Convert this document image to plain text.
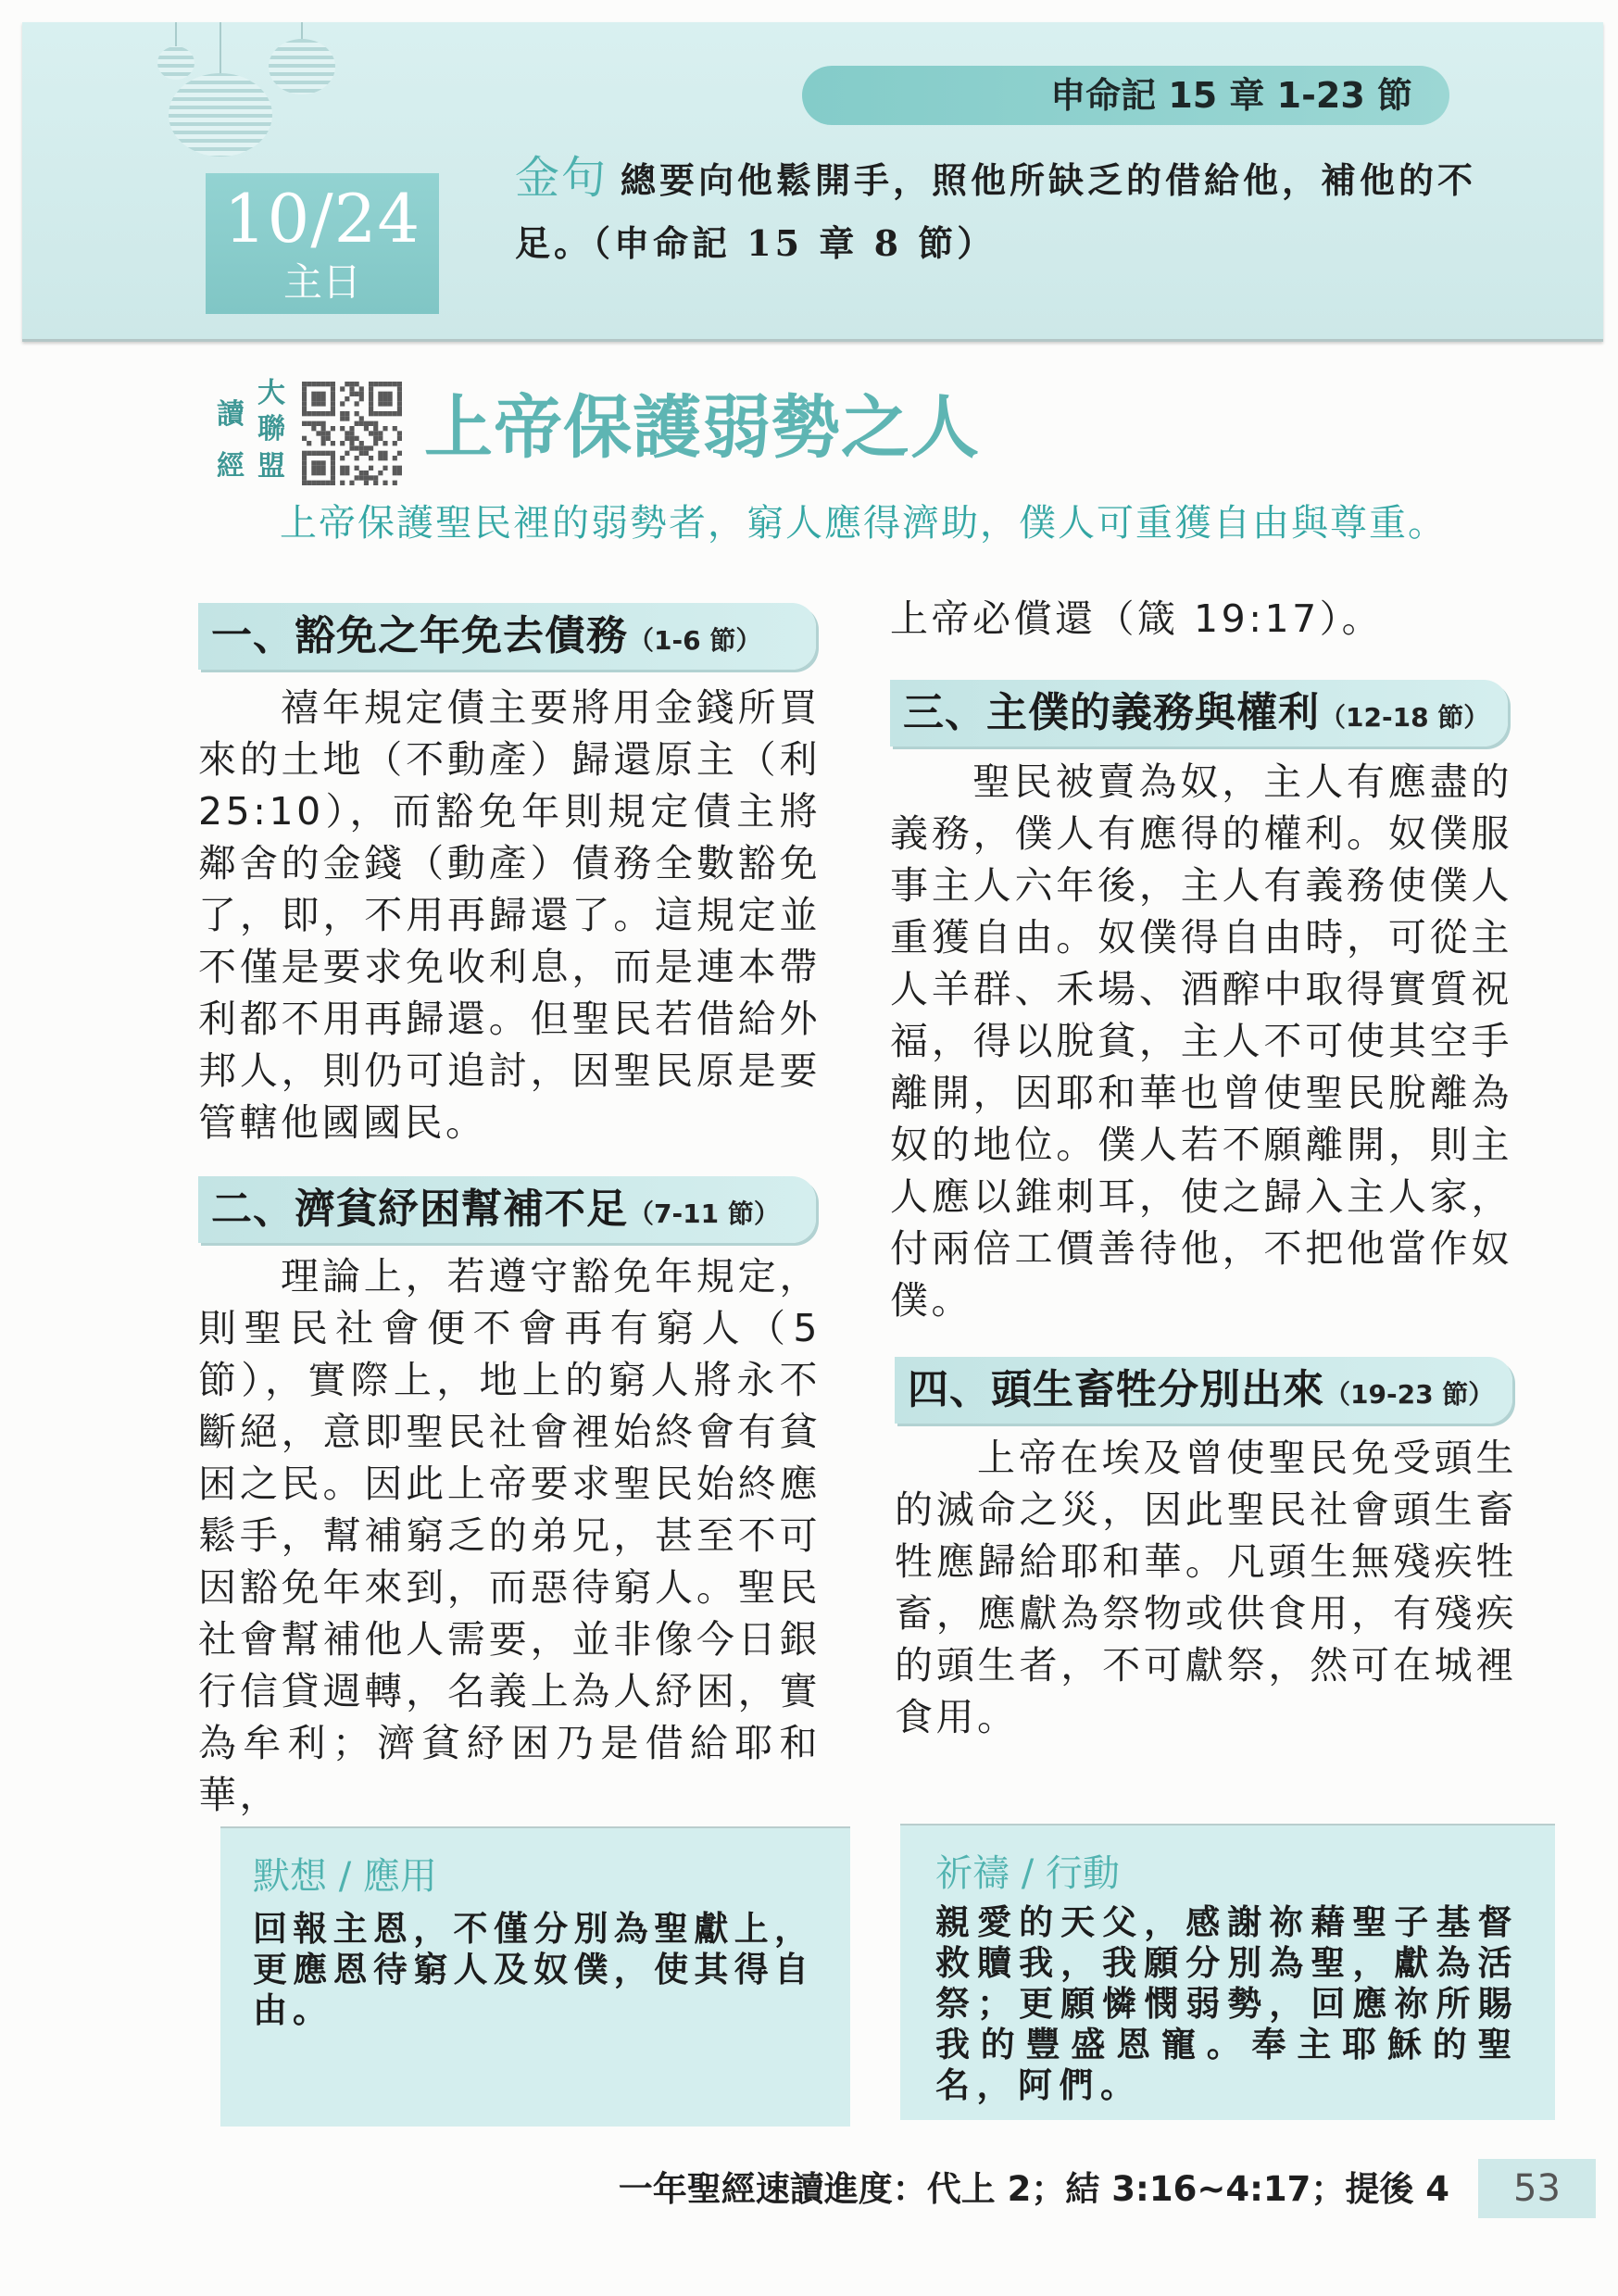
10/24
主日
申命記 15 章 1-23 節
金句 總要向他鬆開手，照他所缺乏的借給他，補他的不足。（申命記 15 章 8 節）
讀
經
大
聯
盟 上帝保護弱勢之人
上帝保護聖民裡的弱勢者，窮人應得濟助，僕人可重獲自由與尊重。
一、豁免之年免去債務（1-6 節）

禧年規定債主要將用金錢所買來的土地（不動產）歸還原主（利 25:10），而豁免年則規定債主將鄰舍的金錢（動產）債務全數豁免了，即，不用再歸還了。這規定並不僅是要求免收利息，而是連本帶利都不用再歸還。但聖民若借給外邦人，則仍可追討，因聖民原是要管轄他國國民。

二、濟貧紓困幫補不足（7-11 節）

理論上，若遵守豁免年規定，則聖民社會便不會再有窮人（5 節），實際上，地上的窮人將永不斷絕，意即聖民社會裡始終會有貧困之民。因此上帝要求聖民始終應鬆手，幫補窮乏的弟兄，甚至不可因豁免年來到，而惡待窮人。聖民社會幫補他人需要，並非像今日銀行信貸週轉，名義上為人紓困，實為牟利；濟貧紓困乃是借給耶和華，

上帝必償還（箴 19:17）。

三、主僕的義務與權利（12-18 節）

聖民被賣為奴，主人有應盡的義務，僕人有應得的權利。奴僕服事主人六年後，主人有義務使僕人重獲自由。奴僕得自由時，可從主人羊群、禾場、酒醡中取得實質祝福，得以脫貧，主人不可使其空手離開，因耶和華也曾使聖民脫離為奴的地位。僕人若不願離開，則主人應以錐刺耳，使之歸入主人家，付兩倍工價善待他，不把他當作奴僕。

四、頭生畜牲分別出來（19-23 節）

上帝在埃及曾使聖民免受頭生的滅命之災，因此聖民社會頭生畜牲應歸給耶和華。凡頭生無殘疾牲畜，應獻為祭物或供食用，有殘疾的頭生者，不可獻祭，然可在城裡食用。

默想 / 應用

回報主恩，不僅分別為聖獻上，更應恩待窮人及奴僕，使其得自由。

祈禱 / 行動

親愛的天父，感謝祢藉聖子基督救贖我，我願分別為聖，獻為活祭；更願憐憫弱勢，回應祢所賜我的豐盛恩寵。奉主耶穌的聖名，阿們。

一年聖經速讀進度：代上 2；結 3:16~4:17；提後 4	53
